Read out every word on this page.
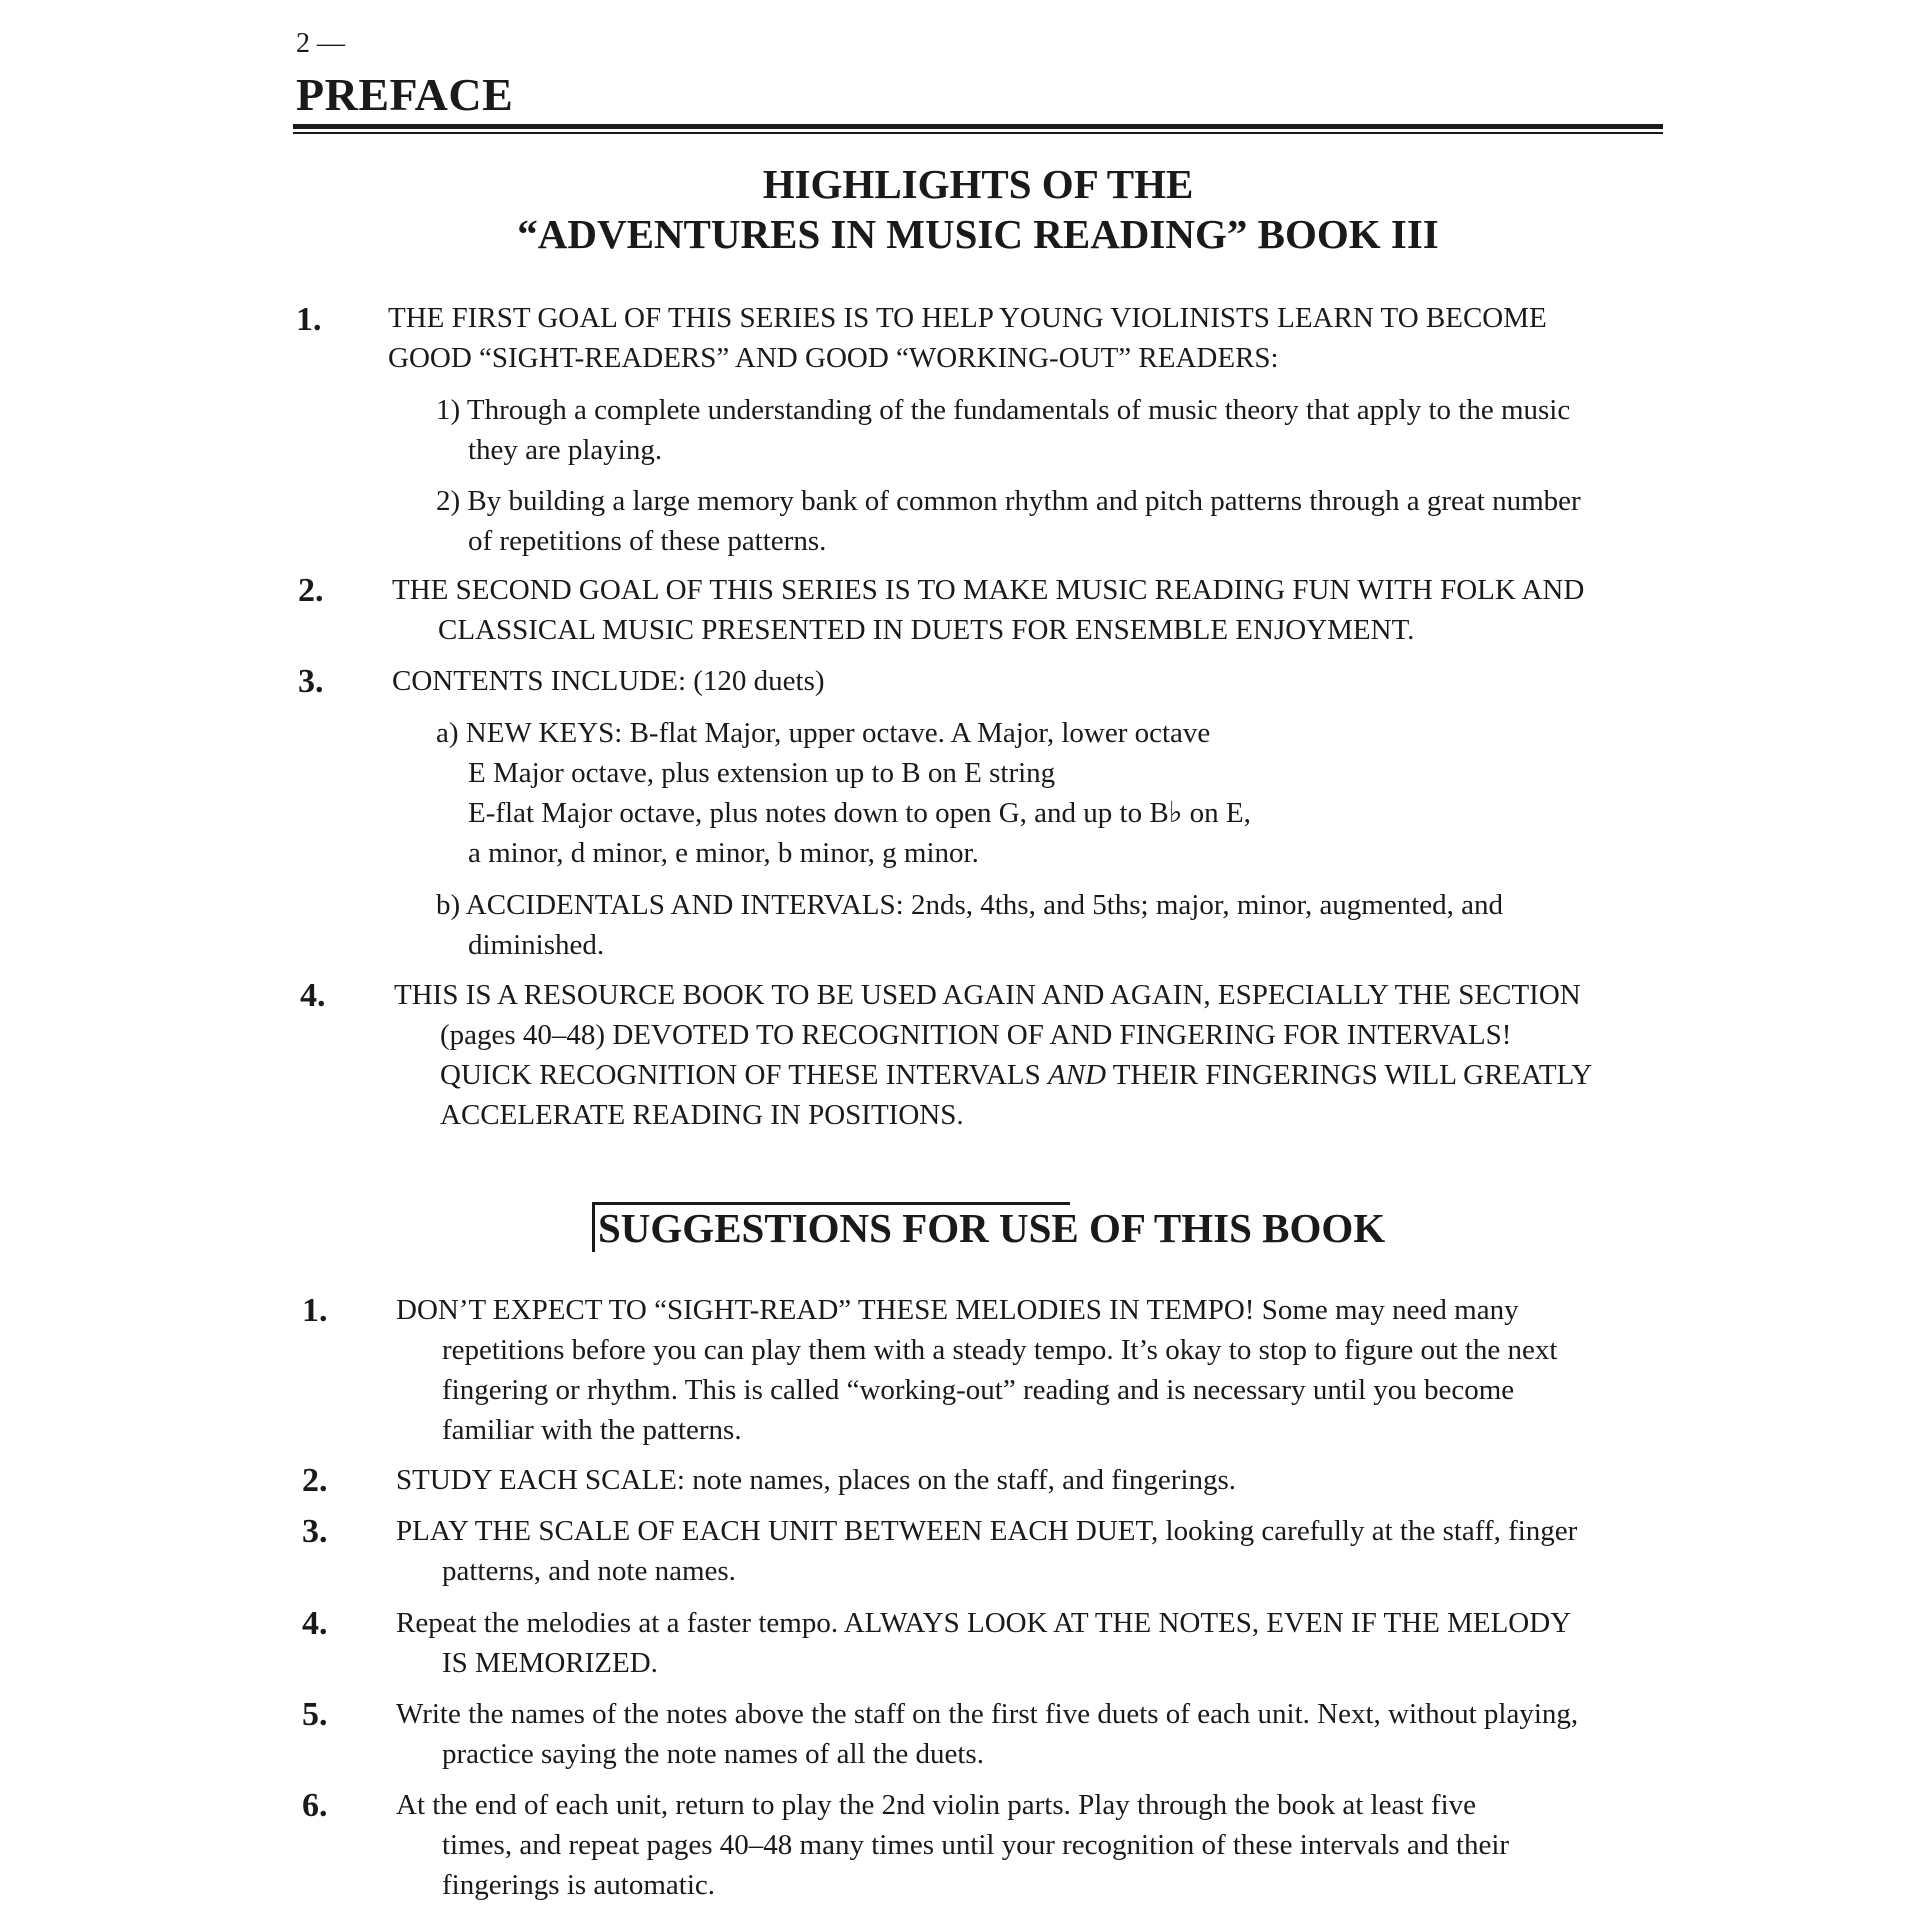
2 —
PREFACE
HIGHLIGHTS OF THE
“ADVENTURES IN MUSIC READING” BOOK III
1. THE FIRST GOAL OF THIS SERIES IS TO HELP YOUNG VIOLINISTS LEARN TO BECOME
GOOD “SIGHT-READERS” AND GOOD “WORKING-OUT” READERS:
1) Through a complete understanding of the fundamentals of music theory that apply to the music
they are playing.
2) By building a large memory bank of common rhythm and pitch patterns through a great number
of repetitions of these patterns.
2. THE SECOND GOAL OF THIS SERIES IS TO MAKE MUSIC READING FUN WITH FOLK AND
CLASSICAL MUSIC PRESENTED IN DUETS FOR ENSEMBLE ENJOYMENT.
3. CONTENTS INCLUDE: (120 duets)
a) NEW KEYS: B-flat Major, upper octave. A Major, lower octave
E Major octave, plus extension up to B on E string
E-flat Major octave, plus notes down to open G, and up to B♭ on E,
a minor, d minor, e minor, b minor, g minor.
b) ACCIDENTALS AND INTERVALS: 2nds, 4ths, and 5ths; major, minor, augmented, and
diminished.
4. THIS IS A RESOURCE BOOK TO BE USED AGAIN AND AGAIN, ESPECIALLY THE SECTION
(pages 40–48) DEVOTED TO RECOGNITION OF AND FINGERING FOR INTERVALS!
QUICK RECOGNITION OF THESE INTERVALS AND THEIR FINGERINGS WILL GREATLY
ACCELERATE READING IN POSITIONS.
SUGGESTIONS FOR USE OF THIS BOOK
1. DON’T EXPECT TO “SIGHT-READ” THESE MELODIES IN TEMPO! Some may need many
repetitions before you can play them with a steady tempo. It’s okay to stop to figure out the next
fingering or rhythm. This is called “working-out” reading and is necessary until you become
familiar with the patterns.
2. STUDY EACH SCALE: note names, places on the staff, and fingerings.
3. PLAY THE SCALE OF EACH UNIT BETWEEN EACH DUET, looking carefully at the staff, finger
patterns, and note names.
4. Repeat the melodies at a faster tempo. ALWAYS LOOK AT THE NOTES, EVEN IF THE MELODY
IS MEMORIZED.
5. Write the names of the notes above the staff on the first five duets of each unit. Next, without playing,
practice saying the note names of all the duets.
6. At the end of each unit, return to play the 2nd violin parts. Play through the book at least five
times, and repeat pages 40–48 many times until your recognition of these intervals and their
fingerings is automatic.
